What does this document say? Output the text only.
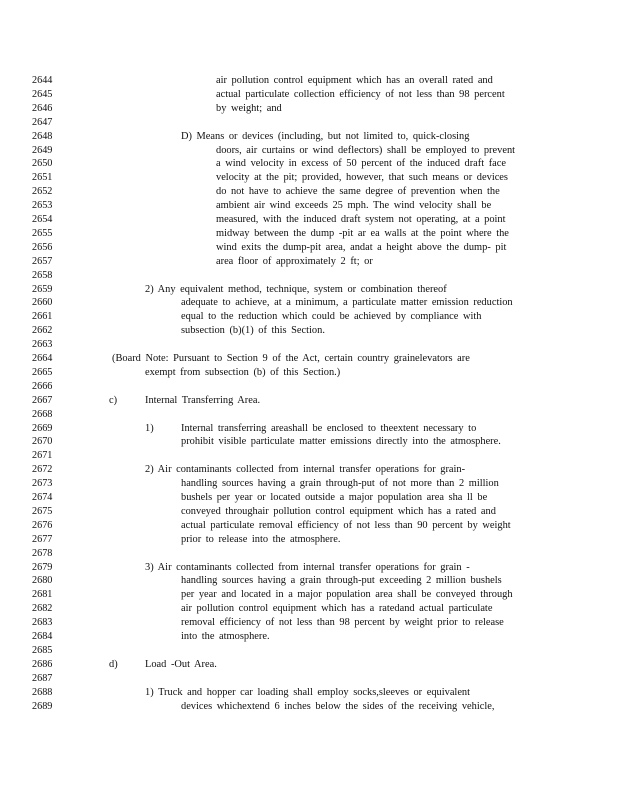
2644	air pollution control equipment which has an overall rated and
2645	actual particulate collection efficiency of not less than 98 percent
2646	by weight; and
2647
2648	D) Means or devices (including, but not limited to, quick-closing
2649	doors, air curtains or wind deflectors) shall be employed to prevent
2650	a wind velocity in excess of 50 percent of the induced draft face
2651	velocity at the pit; provided, however, that such means or devices
2652	do not have to achieve the same degree of prevention when the
2653	ambient air wind exceeds 25 mph. The wind velocity shall be
2654	measured, with the induced draft system not operating, at a point
2655	midway between the dump -pit ar ea walls at the point where the
2656	wind exits the dump-pit area, andat a height above the dump- pit
2657	area floor of approximately 2 ft; or
2658
2659	2) Any equivalent method, technique, system or combination thereof
2660	adequate to achieve, at a minimum, a particulate matter emission reduction
2661	equal to the reduction which could be achieved by compliance with
2662	subsection (b)(1) of this Section.
2663
2664	(Board Note: Pursuant to Section 9 of the Act, certain country grainelevators are
2665	exempt from subsection (b) of this Section.)
2666
2667	c)	Internal Transferring Area.
2668
2669	1)	Internal transferring areashall be enclosed to theextent necessary to
2670	prohibit visible particulate matter emissions directly into the atmosphere.
2671
2672	2) Air contaminants collected from internal transfer operations for grain-
2673	handling sources having a grain through-put of not more than 2 million
2674	bushels per year or located outside a major population area sha ll be
2675	conveyed throughair pollution control equipment which has a rated and
2676	actual particulate removal efficiency of not less than 90 percent by weight
2677	prior to release into the atmosphere.
2678
2679	3) Air contaminants collected from internal transfer operations for grain -
2680	handling sources having a grain through-put exceeding 2 million bushels
2681	per year and located in a major population area shall be conveyed through
2682	air pollution control equipment which has a ratedand actual particulate
2683	removal efficiency of not less than 98 percent by weight prior to release
2684	into the atmosphere.
2685
2686	d)	Load -Out Area.
2687
2688	1) Truck and hopper car loading shall employ socks,sleeves or equivalent
2689	devices whichextend 6 inches below the sides of the receiving vehicle,
